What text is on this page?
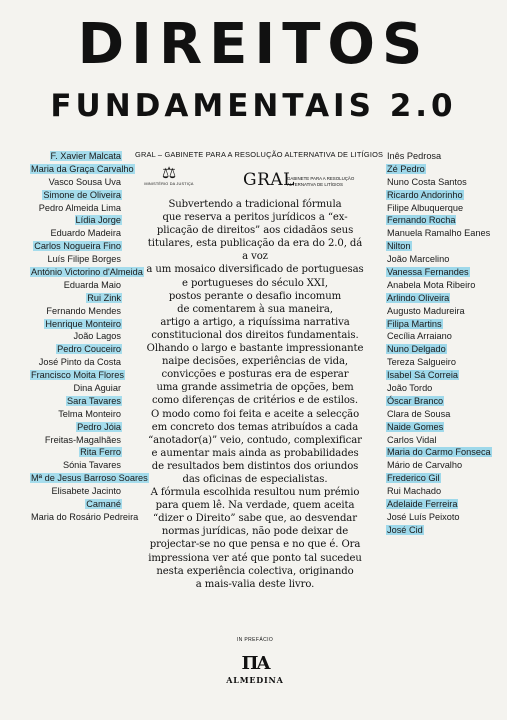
DIREITOS
FUNDAMENTAIS 2.0
F. Xavier Malcata
Maria da Graça Carvalho
Vasco Sousa Uva
Simone de Oliveira
Pedro Almeida Lima
Lídia Jorge
Eduardo Madeira
Carlos Nogueira Fino
Luís Filipe Borges
António Victorino d'Almeida
Eduarda Maio
Rui Zink
Fernando Mendes
Henrique Monteiro
João Lagos
Pedro Couceiro
José Pinto da Costa
Francisco Moita Flores
Dina Aguiar
Sara Tavares
Telma Monteiro
Pedro Jóia
Freitas-Magalhães
Rita Ferro
Sónia Tavares
Mª de Jesus Barroso Soares
Elisabete Jacinto
Camané
Maria do Rosário Pedreira
Inês Pedrosa
Zé Pedro
Nuno Costa Santos
Ricardo Andorinho
Filipe Albuquerque
Fernando Rocha
Manuela Ramalho Eanes
Nilton
João Marcelino
Vanessa Fernandes
Anabela Mota Ribeiro
Arlindo Oliveira
Augusto Madureira
Filipa Martins
Cecília Arraiano
Nuno Delgado
Tereza Salgueiro
Isabel Sá Correia
João Tordo
Óscar Branco
Clara de Sousa
Naide Gomes
Carlos Vidal
Maria do Carmo Fonseca
Mário de Carvalho
Frederico Gil
Rui Machado
Adelaide Ferreira
José Luís Peixoto
José Cid
GRAL – GABINETE PARA A RESOLUÇÃO ALTERNATIVA DE LITÍGIOS
⚖
MINISTÉRIO DA JUSTIÇA	GRAL
GABINETE PARA A RESOLUÇÃO ALTERNATIVA DE LITÍGIOS
Subvertendo a tradicional fórmula
que reserva a peritos jurídicos a “ex-
plicação de direitos” aos cidadãos seus
titulares, esta publicação da era do 2.0, dá
a voz
a um mosaico diversificado de portuguesas
e portugueses do século XXI,
postos perante o desafio incomum
de comentarem à sua maneira,
artigo a artigo, a riquíssima narrativa
constitucional dos direitos fundamentais.
Olhando o largo e bastante impressionante
naipe decisões, experiências de vida,
convicções e posturas era de esperar
uma grande assimetria de opções, bem
como diferenças de critérios e de estilos.
O modo como foi feita e aceite a selecção
em concreto dos temas atribuídos a cada
“anotador(a)” veio, contudo, complexificar
e aumentar mais ainda as probabilidades
de resultados bem distintos dos oriundos
das oficinas de especialistas.
A fórmula escolhida resultou num prémio
para quem lê. Na verdade, quem aceita
“dizer o Direito” sabe que, ao desvendar
normas jurídicas, não pode deixar de
projectar-se no que pensa e no que é. Ora
impressiona ver até que ponto tal sucedeu
nesta experiência colectiva, originando
a mais-valia deste livro.
IN PREFÁCIO
ΠA
ALMEDINA
